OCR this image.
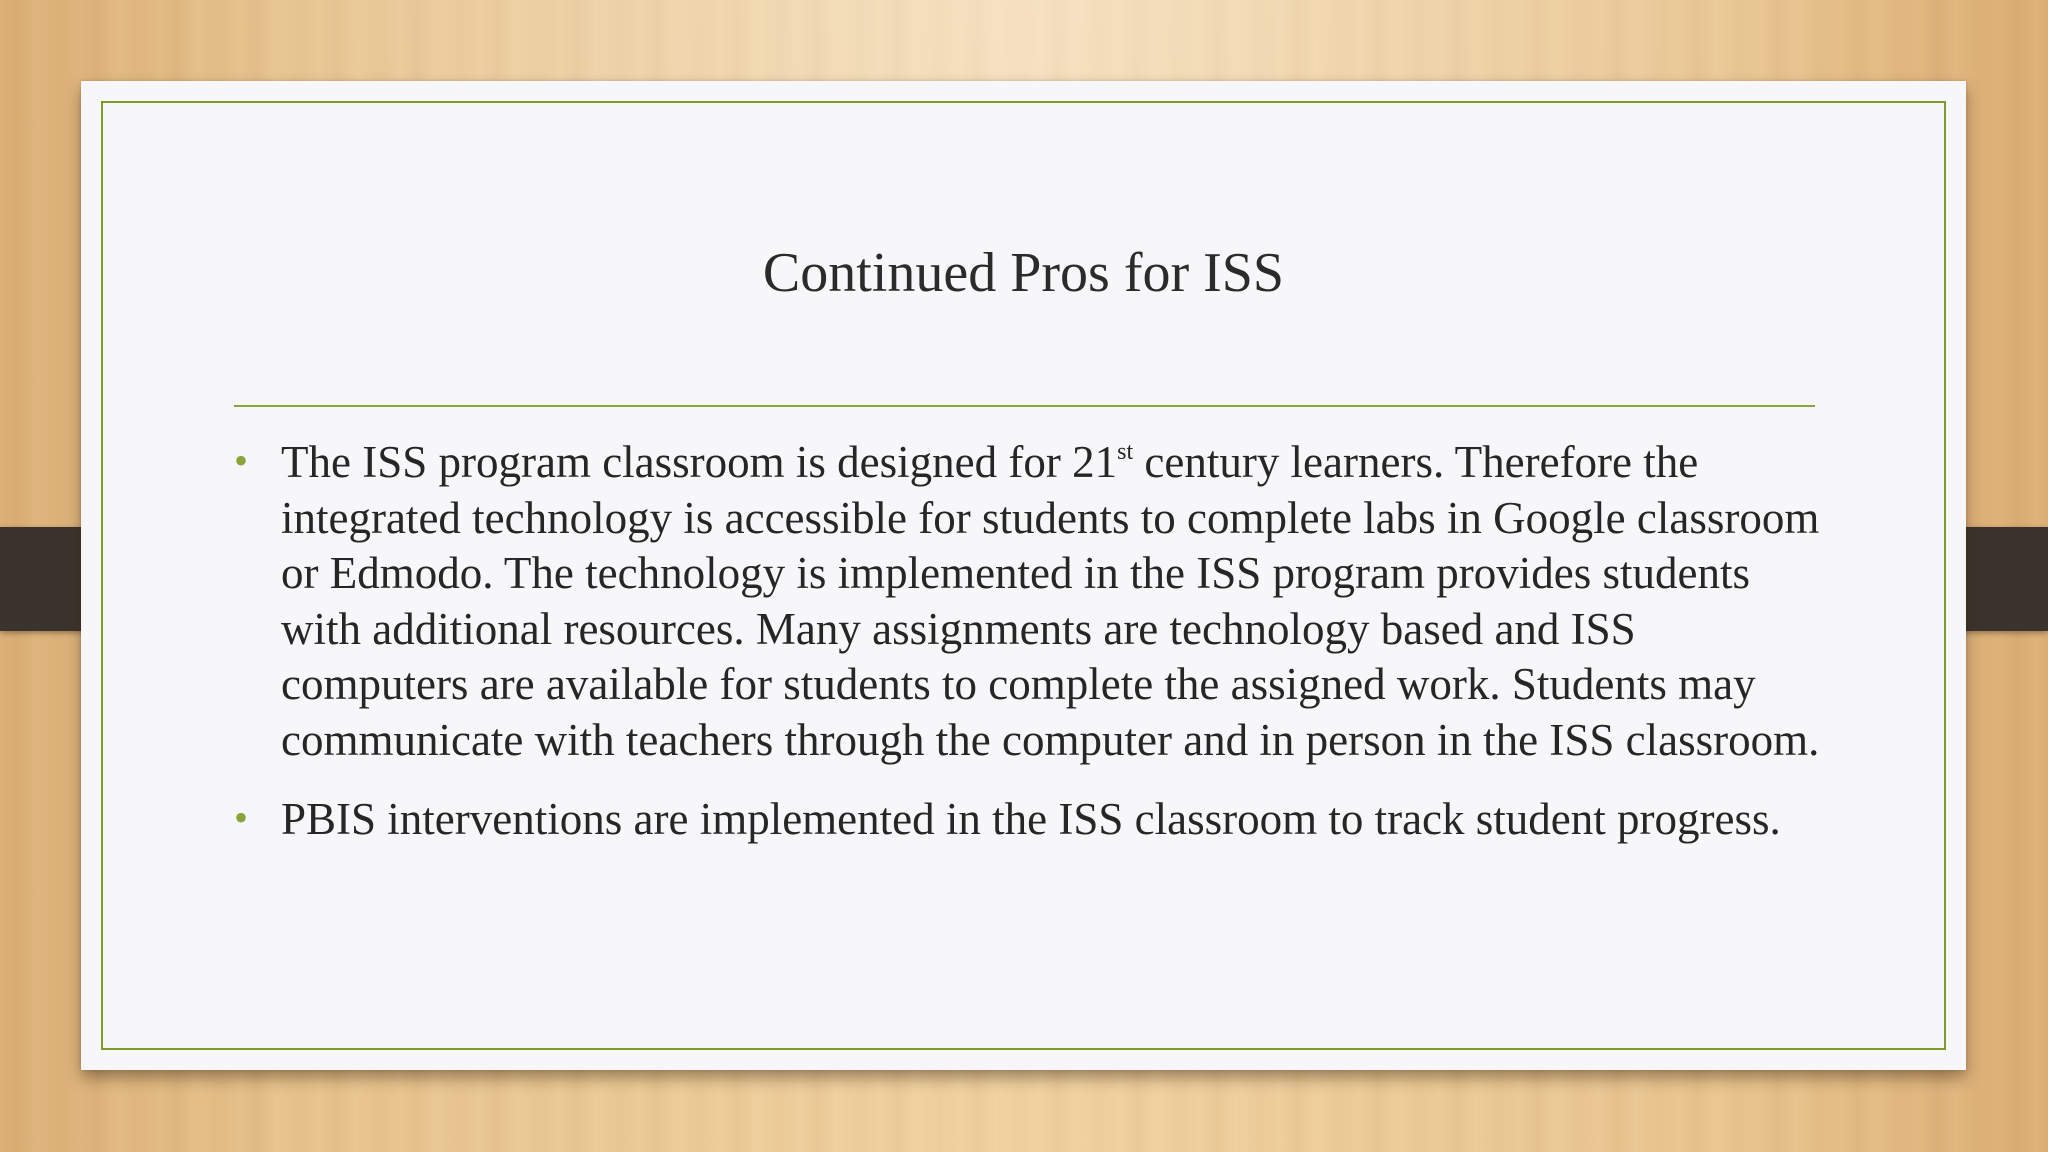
Continued Pros for ISS
• The ISS program classroom is designed for 21st century learners. Therefore the integrated technology is accessible for students to complete labs in Google classroom or Edmodo. The technology is implemented in the ISS program provides students with additional resources. Many assignments are technology based and ISS computers are available for students to complete the assigned work. Students may communicate with teachers through the computer and in person in the ISS classroom.
• PBIS interventions are implemented in the ISS classroom to track student progress.
